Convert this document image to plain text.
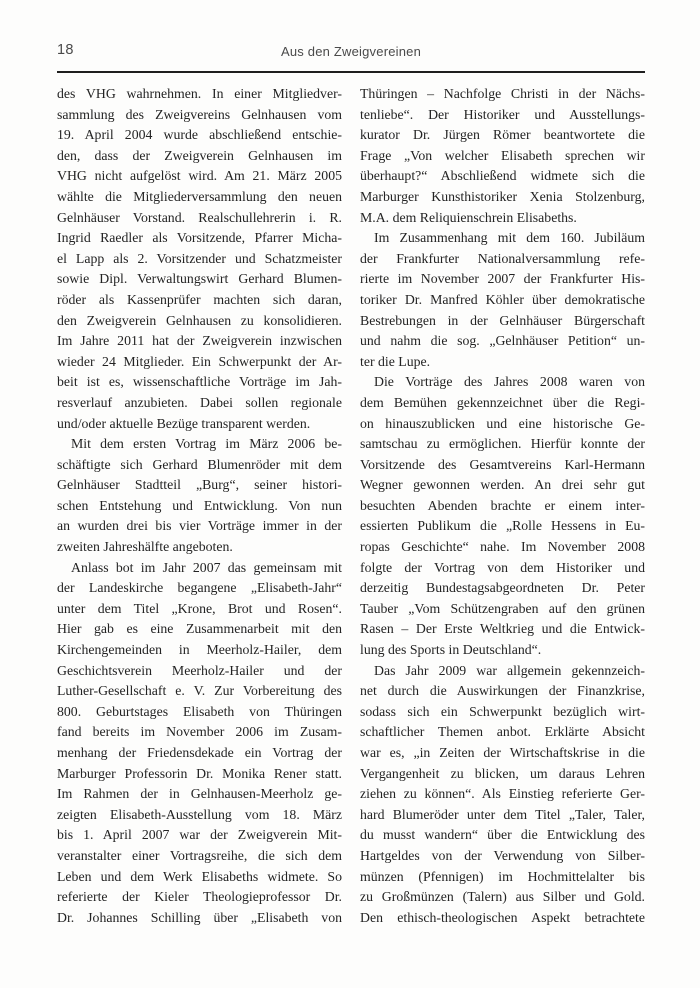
18	Aus den Zweigvereinen
des VHG wahrnehmen. In einer Mitgliedver-
sammlung des Zweigvereins Gelnhausen vom
19. April 2004 wurde abschließend entschie-
den, dass der Zweigverein Gelnhausen im
VHG nicht aufgelöst wird. Am 21. März 2005
wählte die Mitgliederversammlung den neuen
Gelnhäuser Vorstand. Realschullehrerin i. R.
Ingrid Raedler als Vorsitzende, Pfarrer Micha-
el Lapp als 2. Vorsitzender und Schatzmeister
sowie Dipl. Verwaltungswirt Gerhard Blumen-
röder als Kassenprüfer machten sich daran,
den Zweigverein Gelnhausen zu konsolidieren.
Im Jahre 2011 hat der Zweigverein inzwischen
wieder 24 Mitglieder. Ein Schwerpunkt der Ar-
beit ist es, wissenschaftliche Vorträge im Jah-
resverlauf anzubieten. Dabei sollen regionale
und/oder aktuelle Bezüge transparent werden.
Mit dem ersten Vortrag im März 2006 be-
schäftigte sich Gerhard Blumenröder mit dem
Gelnhäuser Stadtteil „Burg“, seiner histori-
schen Entstehung und Entwicklung. Von nun
an wurden drei bis vier Vorträge immer in der
zweiten Jahreshälfte angeboten.
Anlass bot im Jahr 2007 das gemeinsam mit
der Landeskirche begangene „Elisabeth-Jahr“
unter dem Titel „Krone, Brot und Rosen“.
Hier gab es eine Zusammenarbeit mit den
Kirchengemeinden in Meerholz-Hailer, dem
Geschichtsverein Meerholz-Hailer und der
Luther-Gesellschaft e. V. Zur Vorbereitung des
800. Geburtstages Elisabeth von Thüringen
fand bereits im November 2006 im Zusam-
menhang der Friedensdekade ein Vortrag der
Marburger Professorin Dr. Monika Rener statt.
Im Rahmen der in Gelnhausen-Meerholz ge-
zeigten Elisabeth-Ausstellung vom 18. März
bis 1. April 2007 war der Zweigverein Mit-
veranstalter einer Vortragsreihe, die sich dem
Leben und dem Werk Elisabeths widmete. So
referierte der Kieler Theologieprofessor Dr.
Dr. Johannes Schilling über „Elisabeth von
Thüringen – Nachfolge Christi in der Nächs-
tenliebe“. Der Historiker und Ausstellungs-
kurator Dr. Jürgen Römer beantwortete die
Frage „Von welcher Elisabeth sprechen wir
überhaupt?“ Abschließend widmete sich die
Marburger Kunsthistoriker Xenia Stolzenburg,
M.A. dem Reliquienschrein Elisabeths.
Im Zusammenhang mit dem 160. Jubiläum
der Frankfurter Nationalversammlung refe-
rierte im November 2007 der Frankfurter His-
toriker Dr. Manfred Köhler über demokratische
Bestrebungen in der Gelnhäuser Bürgerschaft
und nahm die sog. „Gelnhäuser Petition“ un-
ter die Lupe.
Die Vorträge des Jahres 2008 waren von
dem Bemühen gekennzeichnet über die Regi-
on hinauszublicken und eine historische Ge-
samtschau zu ermöglichen. Hierfür konnte der
Vorsitzende des Gesamtvereins Karl-Hermann
Wegner gewonnen werden. An drei sehr gut
besuchten Abenden brachte er einem inter-
essierten Publikum die „Rolle Hessens in Eu-
ropas Geschichte“ nahe. Im November 2008
folgte der Vortrag von dem Historiker und
derzeitig Bundestagsabgeordneten Dr. Peter
Tauber „Vom Schützengraben auf den grünen
Rasen – Der Erste Weltkrieg und die Entwick-
lung des Sports in Deutschland“.
Das Jahr 2009 war allgemein gekennzeich-
net durch die Auswirkungen der Finanzkrise,
sodass sich ein Schwerpunkt bezüglich wirt-
schaftlicher Themen anbot. Erklärte Absicht
war es, „in Zeiten der Wirtschaftskrise in die
Vergangenheit zu blicken, um daraus Lehren
ziehen zu können“. Als Einstieg referierte Ger-
hard Blumeröder unter dem Titel „Taler, Taler,
du musst wandern“ über die Entwicklung des
Hartgeldes von der Verwendung von Silber-
münzen (Pfennigen) im Hochmittelalter bis
zu Großmünzen (Talern) aus Silber und Gold.
Den ethisch-theologischen Aspekt betrachtete
